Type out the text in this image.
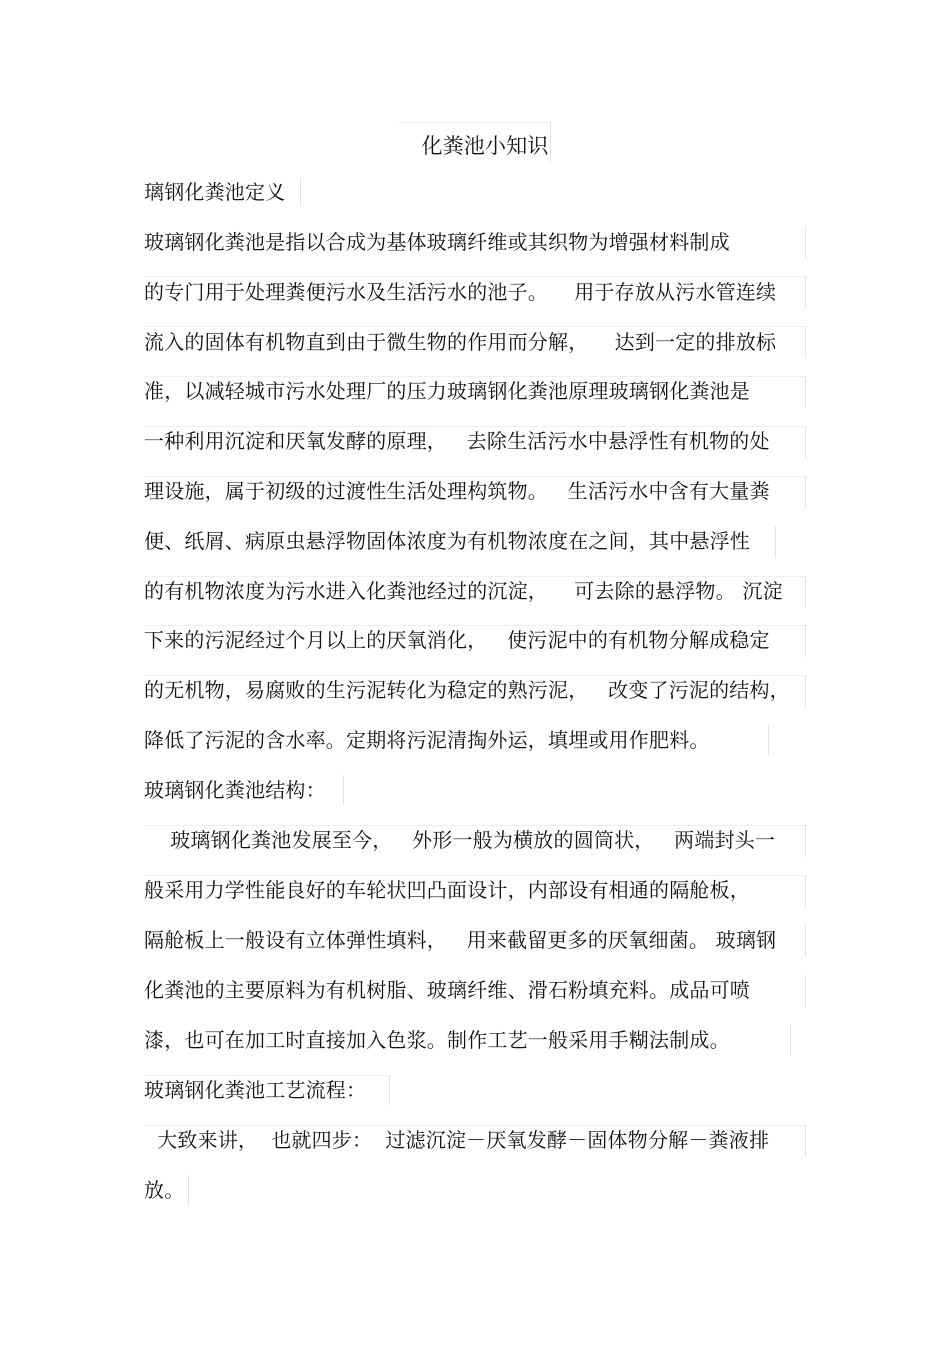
化粪池小知识
璃钢化粪池定义
玻璃钢化粪池是指以合成为基体玻璃纤维或其织物为增强材料制成
的专门用于处理粪便污水及生活污水的池子。    用于存放从污水管连续
流入的固体有机物直到由于微生物的作用而分解，    达到一定的排放标
准，以减轻城市污水处理厂的压力玻璃钢化粪池原理玻璃钢化粪池是
一种利用沉淀和厌氧发酵的原理，   去除生活污水中悬浮性有机物的处
理设施，属于初级的过渡性生活处理构筑物。   生活污水中含有大量粪
便、纸屑、病原虫悬浮物固体浓度为有机物浓度在之间，其中悬浮性
的有机物浓度为污水进入化粪池经过的沉淀，    可去除的悬浮物。 沉淀
下来的污泥经过个月以上的厌氧消化，   使污泥中的有机物分解成稳定
的无机物，易腐败的生污泥转化为稳定的熟污泥，   改变了污泥的结构，
降低了污泥的含水率。定期将污泥清掏外运，填埋或用作肥料。
玻璃钢化粪池结构：
玻璃钢化粪池发展至今，   外形一般为横放的圆筒状，   两端封头一
般采用力学性能良好的车轮状凹凸面设计，内部设有相通的隔舱板，
隔舱板上一般设有立体弹性填料，   用来截留更多的厌氧细菌。 玻璃钢
化粪池的主要原料为有机树脂、玻璃纤维、滑石粉填充料。成品可喷
漆，也可在加工时直接加入色浆。制作工艺一般采用手糊法制成。
玻璃钢化粪池工艺流程：
大致来讲，  也就四步：  过滤沉淀－厌氧发酵－固体物分解－粪液排
放。
